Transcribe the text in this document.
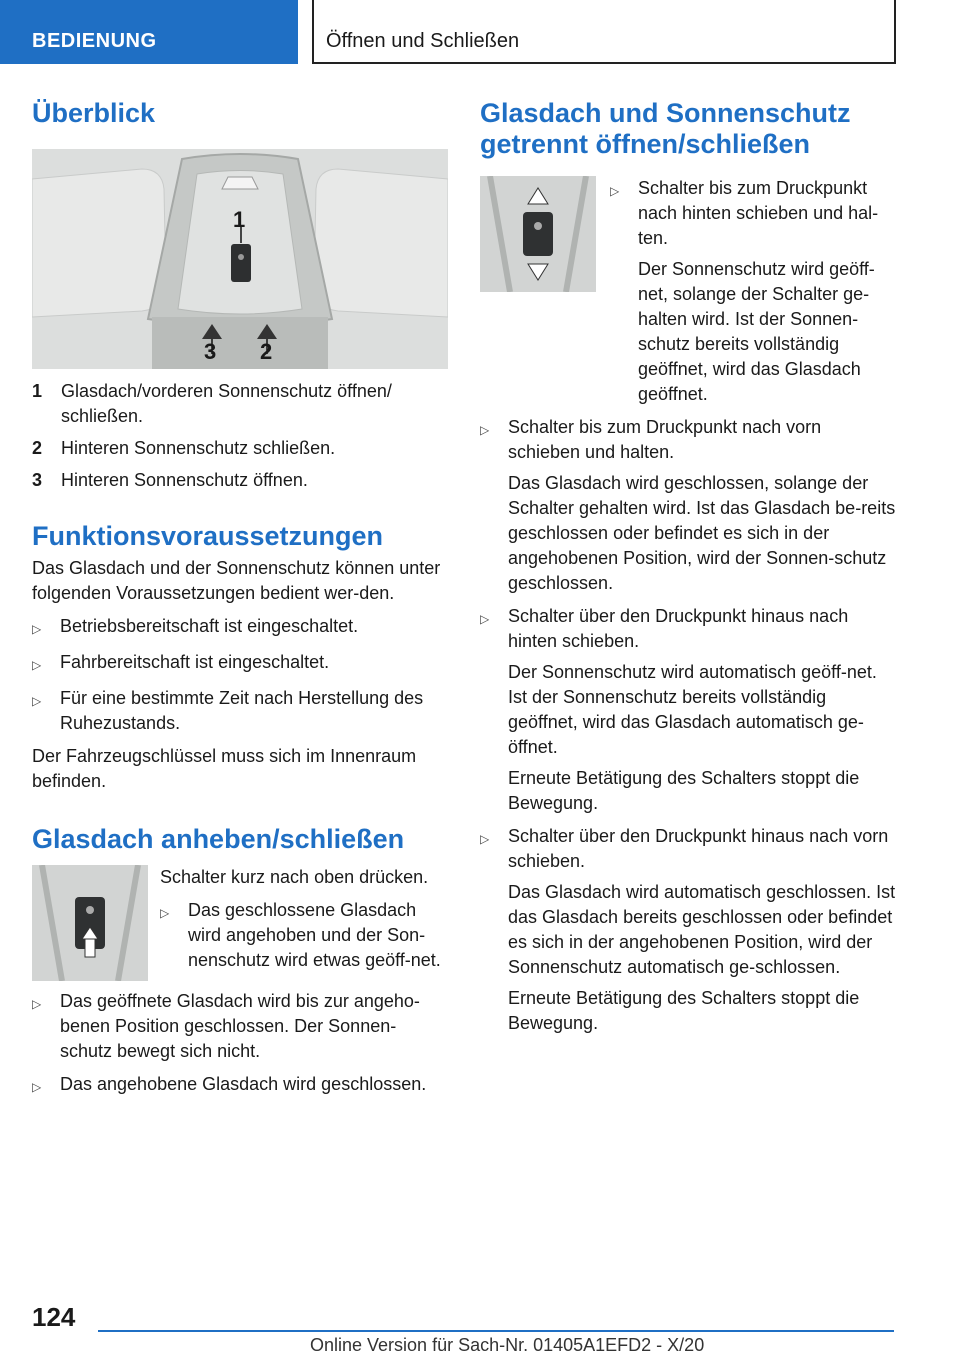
BEDIENUNG	Öffnen und Schließen
Überblick
1
3 2
1	Glasdach/vorderen Sonnenschutz öffnen/ schließen.
2	Hinteren Sonnenschutz schließen.
3	Hinteren Sonnenschutz öffnen.
Funktionsvoraussetzungen

Das Glasdach und der Sonnenschutz können unter folgenden Voraussetzungen bedient wer-den.

▷	Betriebsbereitschaft ist eingeschaltet.
▷	Fahrbereitschaft ist eingeschaltet.
▷	Für eine bestimmte Zeit nach Herstellung des Ruhezustands.

Der Fahrzeugschlüssel muss sich im Innenraum befinden.

Glasdach anheben/schließen

Schalter kurz nach oben drücken.

▷	Das geschlossene Glasdach wird angehoben und der Son-nenschutz wird etwas geöff-net.
▷	Das geöffnete Glasdach wird bis zur angeho-benen Position geschlossen. Der Sonnen-schutz bewegt sich nicht.
▷	Das angehobene Glasdach wird geschlossen.
Glasdach und Sonnenschutz getrennt öffnen/schließen
▷	Schalter bis zum Druckpunkt nach hinten schieben und hal-ten.

Der Sonnenschutz wird geöff-net, solange der Schalter ge-halten wird. Ist der Sonnen-schutz bereits vollständig geöffnet, wird das Glasdach geöffnet.

▷	Schalter bis zum Druckpunkt nach vorn schieben und halten.

Das Glasdach wird geschlossen, solange der Schalter gehalten wird. Ist das Glasdach be-reits geschlossen oder befindet es sich in der angehobenen Position, wird der Sonnen-schutz geschlossen.

▷	Schalter über den Druckpunkt hinaus nach hinten schieben.

Der Sonnenschutz wird automatisch geöff-net. Ist der Sonnenschutz bereits vollständig geöffnet, wird das Glasdach automatisch ge-öffnet.

Erneute Betätigung des Schalters stoppt die Bewegung.

▷	Schalter über den Druckpunkt hinaus nach vorn schieben.

Das Glasdach wird automatisch geschlossen. Ist das Glasdach bereits geschlossen oder befindet es sich in der angehobenen Position, wird der Sonnenschutz automatisch ge-schlossen.

Erneute Betätigung des Schalters stoppt die Bewegung.

124
Online Version für Sach-Nr. 01405A1EFD2 - X/20
